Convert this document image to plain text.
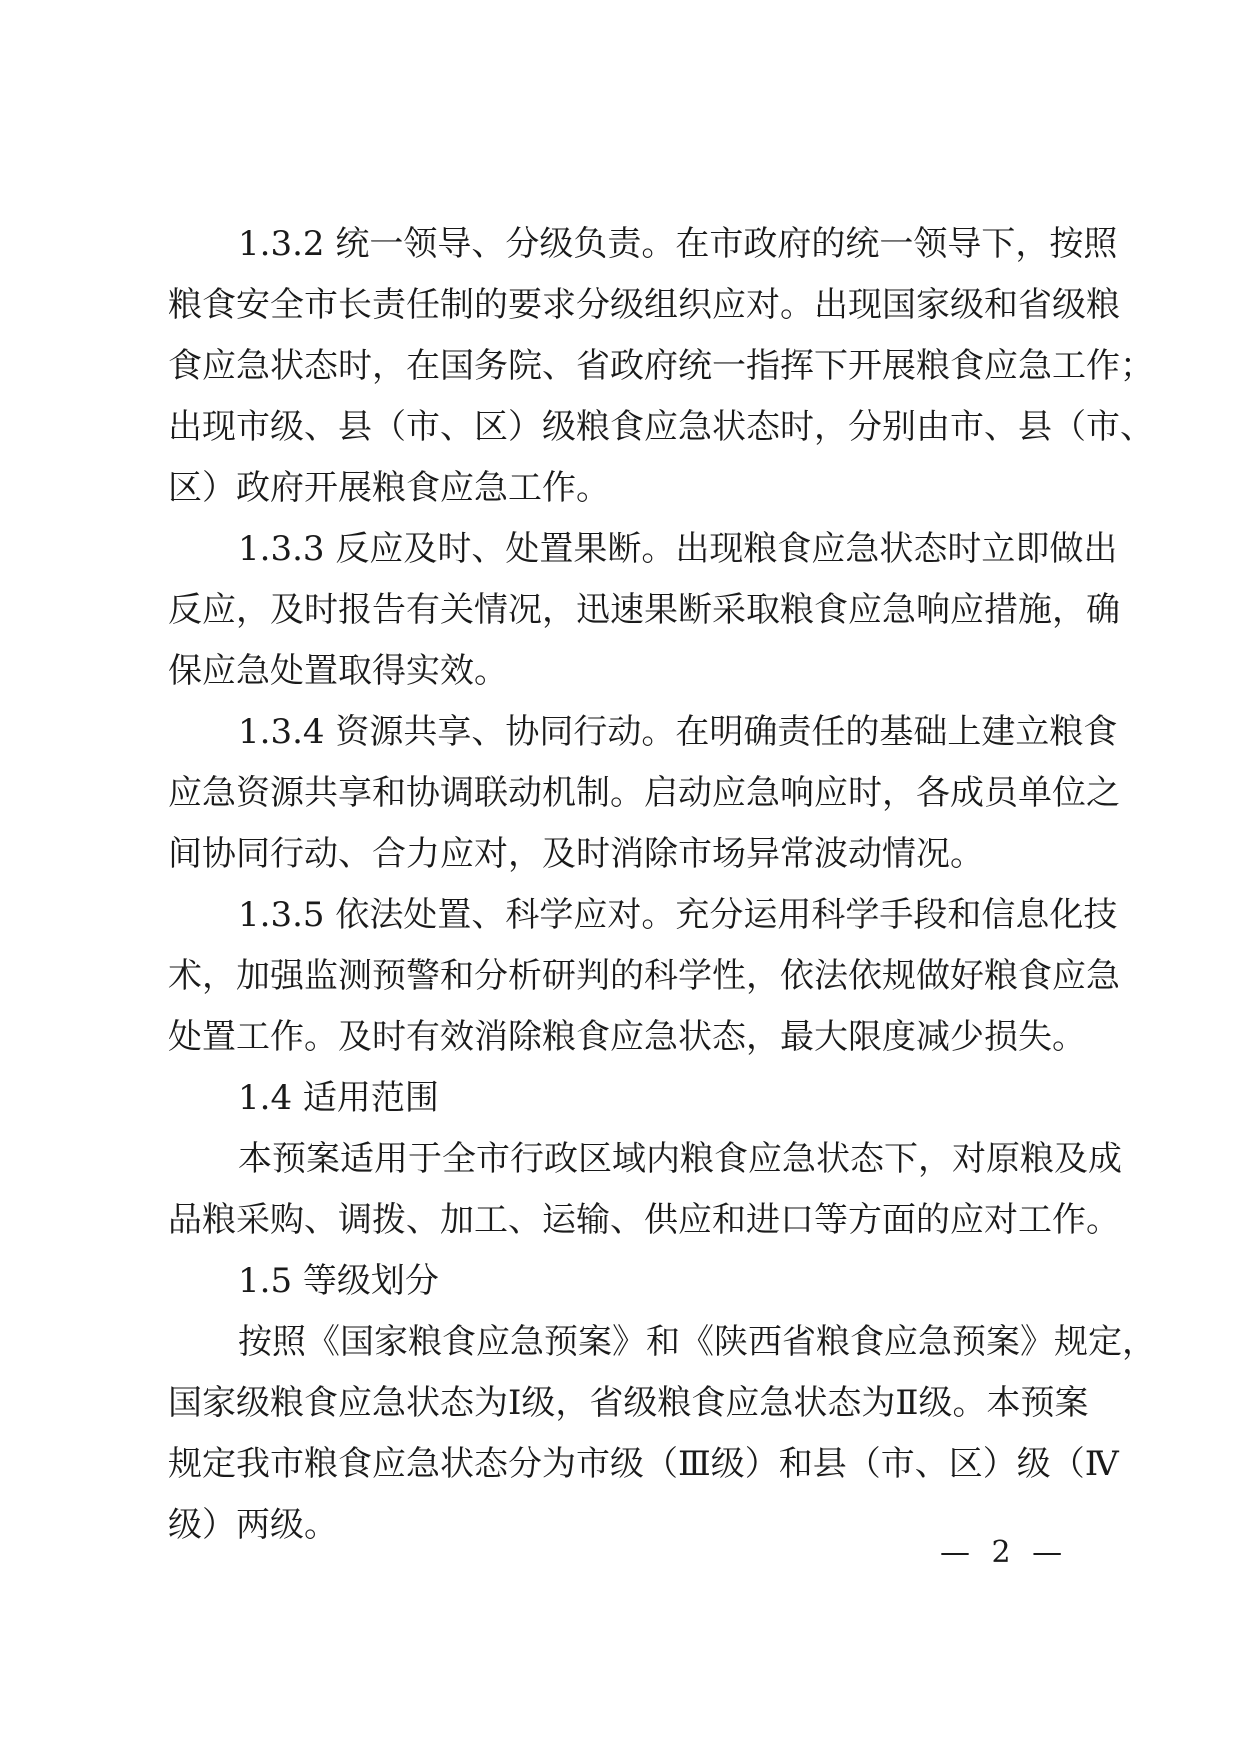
1.3.2 统一领导、分级负责。在市政府的统一领导下，按照
粮食安全市长责任制的要求分级组织应对。出现国家级和省级粮
食应急状态时，在国务院、省政府统一指挥下开展粮食应急工作；
出现市级、县（市、区）级粮食应急状态时，分别由市、县（市、
区）政府开展粮食应急工作。
1.3.3 反应及时、处置果断。出现粮食应急状态时立即做出
反应，及时报告有关情况，迅速果断采取粮食应急响应措施，确
保应急处置取得实效。
1.3.4 资源共享、协同行动。在明确责任的基础上建立粮食
应急资源共享和协调联动机制。启动应急响应时，各成员单位之
间协同行动、合力应对，及时消除市场异常波动情况。
1.3.5 依法处置、科学应对。充分运用科学手段和信息化技
术，加强监测预警和分析研判的科学性，依法依规做好粮食应急
处置工作。及时有效消除粮食应急状态，最大限度减少损失。
1.4 适用范围
本预案适用于全市行政区域内粮食应急状态下，对原粮及成
品粮采购、调拨、加工、运输、供应和进口等方面的应对工作。
1.5 等级划分
按照《国家粮食应急预案》和《陕西省粮食应急预案》规定，
国家级粮食应急状态为Ⅰ级，省级粮食应急状态为Ⅱ级。本预案
规定我市粮食应急状态分为市级（Ⅲ级）和县（市、区）级（Ⅳ
级）两级。
— 2 —
